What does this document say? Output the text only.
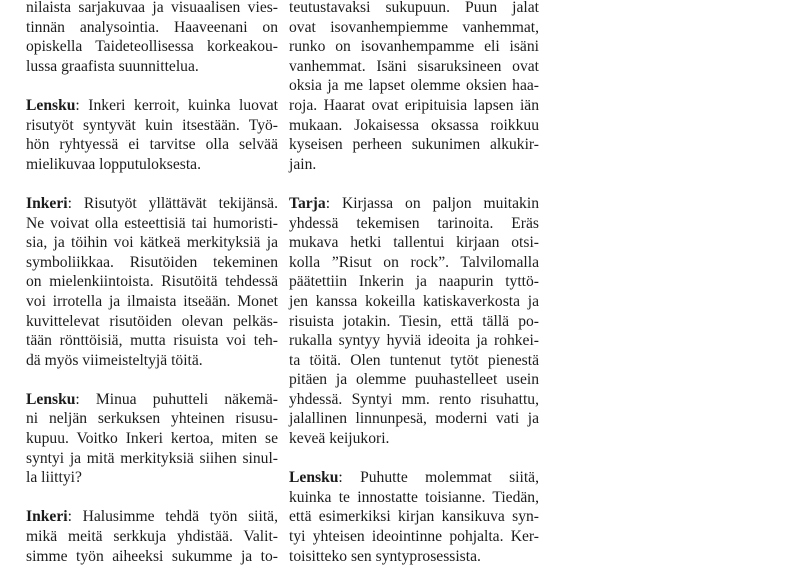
nilaista sarjakuvaa ja visuaalisen vies-
tinnän analysointia. Haaveenani on
opiskella Taideteollisessa korkeakou-
lussa graafista suunnittelua.
Lensku: Inkeri kerroit, kuinka luovat
risutyöt syntyvät kuin itsestään. Työ-
hön ryhtyessä ei tarvitse olla selvää
mielikuvaa lopputuloksesta.
Inkeri: Risutyöt yllättävät tekijänsä.
Ne voivat olla esteettisiä tai humoristi-
sia, ja töihin voi kätkeä merkityksiä ja
symboliikkaa. Risutöiden tekeminen
on mielenkiintoista. Risutöitä tehdessä
voi irrotella ja ilmaista itseään. Monet
kuvittelevat risutöiden olevan pelkäs-
tään rönttöisiä, mutta risuista voi teh-
dä myös viimeisteltyjä töitä.
Lensku: Minua puhutteli näkemä-
ni neljän serkuksen yhteinen risusu-
kupuu. Voitko Inkeri kertoa, miten se
syntyi ja mitä merkityksiä siihen sinul-
la liittyi?
Inkeri: Halusimme tehdä työn siitä,
mikä meitä serkkuja yhdistää. Valit-
simme työn aiheeksi sukumme ja to-
teutustavaksi sukupuun. Puun jalat
ovat isovanhempiemme vanhemmat,
runko on isovanhempamme eli isäni
vanhemmat. Isäni sisaruksineen ovat
oksia ja me lapset olemme oksien haa-
roja. Haarat ovat eripituisia lapsen iän
mukaan. Jokaisessa oksassa roikkuu
kyseisen perheen sukunimen alkukir-
jain.
Tarja: Kirjassa on paljon muitakin
yhdessä tekemisen tarinoita. Eräs
mukava hetki tallentui kirjaan otsi-
kolla ”Risut on rock”. Talvilomalla
päätettiin Inkerin ja naapurin tyttö-
jen kanssa kokeilla katiskaverkosta ja
risuista jotakin. Tiesin, että tällä po-
rukalla syntyy hyviä ideoita ja rohkei-
ta töitä. Olen tuntenut tytöt pienestä
pitäen ja olemme puuhastelleet usein
yhdessä. Syntyi mm. rento risuhattu,
jalallinen linnunpesä, moderni vati ja
keveä keijukori.
Lensku: Puhutte molemmat siitä,
kuinka te innostatte toisianne. Tiedän,
että esimerkiksi kirjan kansikuva syn-
tyi yhteisen ideointinne pohjalta. Ker-
toisitteko sen syntyprosessista.
